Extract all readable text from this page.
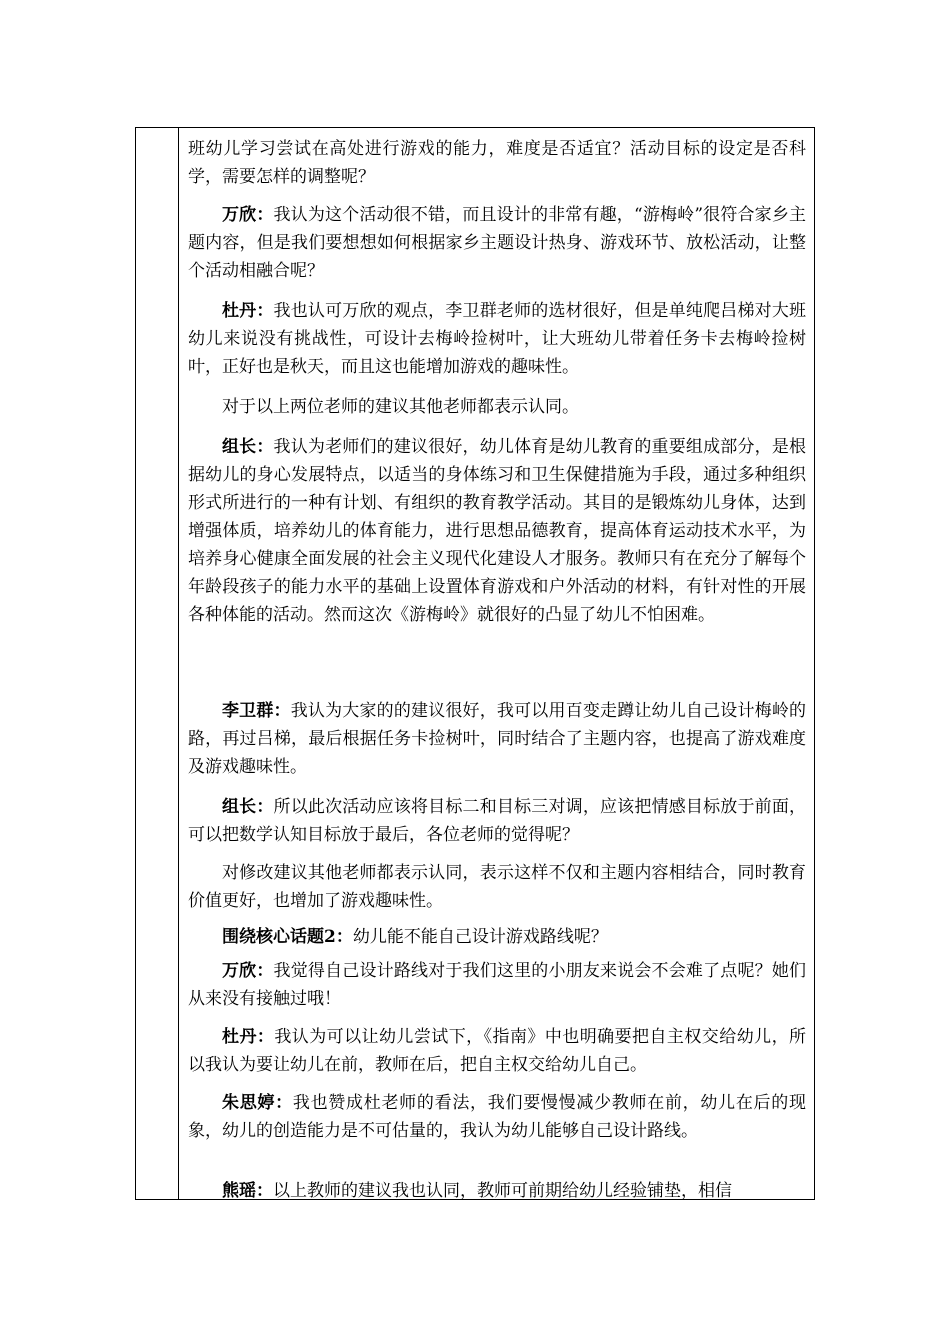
班幼儿学习尝试在高处进行游戏的能力，难度是否适宜？活动目标的设定是否科学，需要怎样的调整呢？

万欣：我认为这个活动很不错，而且设计的非常有趣，“游梅岭”很符合家乡主题内容，但是我们要想想如何根据家乡主题设计热身、游戏环节、放松活动，让整个活动相融合呢？

杜丹：我也认可万欣的观点，李卫群老师的选材很好，但是单纯爬吕梯对大班幼儿来说没有挑战性，可设计去梅岭捡树叶，让大班幼儿带着任务卡去梅岭捡树叶，正好也是秋天，而且这也能增加游戏的趣味性。

对于以上两位老师的建议其他老师都表示认同。

组长：我认为老师们的建议很好，幼儿体育是幼儿教育的重要组成部分，是根据幼儿的身心发展特点，以适当的身体练习和卫生保健措施为手段，通过多种组织形式所进行的一种有计划、有组织的教育教学活动。其目的是锻炼幼儿身体，达到增强体质，培养幼儿的体育能力，进行思想品德教育，提高体育运动技术水平，为培养身心健康全面发展的社会主义现代化建设人才服务。教师只有在充分了解每个年龄段孩子的能力水平的基础上设置体育游戏和户外活动的材料，有针对性的开展各种体能的活动。然而这次《游梅岭》就很好的凸显了幼儿不怕困难。

李卫群：我认为大家的的建议很好，我可以用百变走蹲让幼儿自己设计梅岭的路，再过吕梯，最后根据任务卡捡树叶，同时结合了主题内容，也提高了游戏难度及游戏趣味性。

组长：所以此次活动应该将目标二和目标三对调，应该把情感目标放于前面，可以把数学认知目标放于最后，各位老师的觉得呢？

对修改建议其他老师都表示认同，表示这样不仅和主题内容相结合，同时教育价值更好，也增加了游戏趣味性。

围绕核心话题2：幼儿能不能自己设计游戏路线呢？

万欣：我觉得自己设计路线对于我们这里的小朋友来说会不会难了点呢？她们从来没有接触过哦！

杜丹：我认为可以让幼儿尝试下，《指南》中也明确要把自主权交给幼儿，所以我认为要让幼儿在前，教师在后，把自主权交给幼儿自己。

朱思婷：我也赞成杜老师的看法，我们要慢慢减少教师在前，幼儿在后的现象，幼儿的创造能力是不可估量的，我认为幼儿能够自己设计路线。

熊瑶：以上教师的建议我也认同，教师可前期给幼儿经验铺垫，相信
